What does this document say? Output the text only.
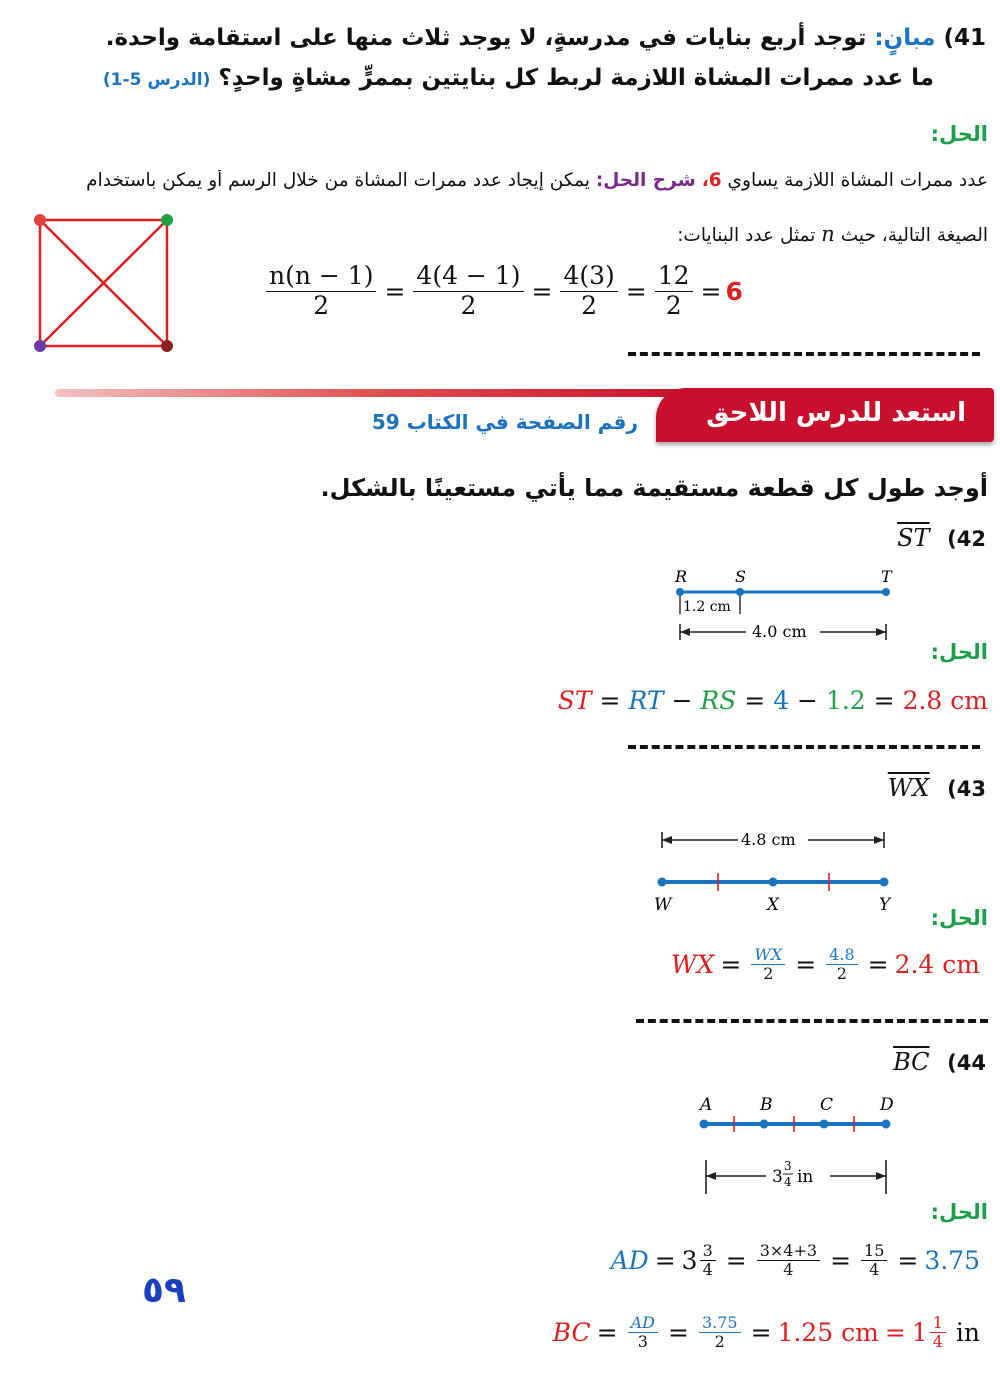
41) مبانٍ: توجد أربع بنايات في مدرسةٍ، لا يوجد ثلاث منها على استقامة واحدة.
ما عدد ممرات المشاة اللازمة لربط كل بنايتين بممرٍّ مشاةٍ واحدٍ؟ (الدرس 5-1)
الحل:
عدد ممرات المشاة اللازمة يساوي 6، شرح الحل: يمكن إيجاد عدد ممرات المشاة من خلال الرسم أو يمكن باستخدام
الصيغة التالية، حيث n تمثل عدد البنايات:
$\frac{n(n - 1)}{2} = \frac{4(4 - 1)}{2} = \frac{4(3)}{2} = \frac{12}{2} = 6$
استعد للدرس اللاحق
رقم الصفحة في الكتاب 59
أوجد طول كل قطعة مستقيمة مما يأتي مستعينًا بالشكل.
$\overline{ST}$ 42)
R	S	T
1.2 cm
4.0 cm
الحل:
ST = RT − RS = 4 − 1.2 = 2.8 cm
$\overline{WX}$ 43)
4.8 cm
W	X	Y
الحل:
WX = $\frac{WX}{2} = \frac{4.8}{2} = 2.4$ cm
$\overline{BC}$ 44)
A	B	C	D
3
3
4 in
الحل:
AD = $3 \frac{3}{4} = \frac{3\times 4+3}{4} = \frac{15}{4} = 3.75$
٥٩
BC = $\frac{AD}{3} = \frac{3.75}{2} = 1.25$ cm = $1 \frac{1}{4}$ in
